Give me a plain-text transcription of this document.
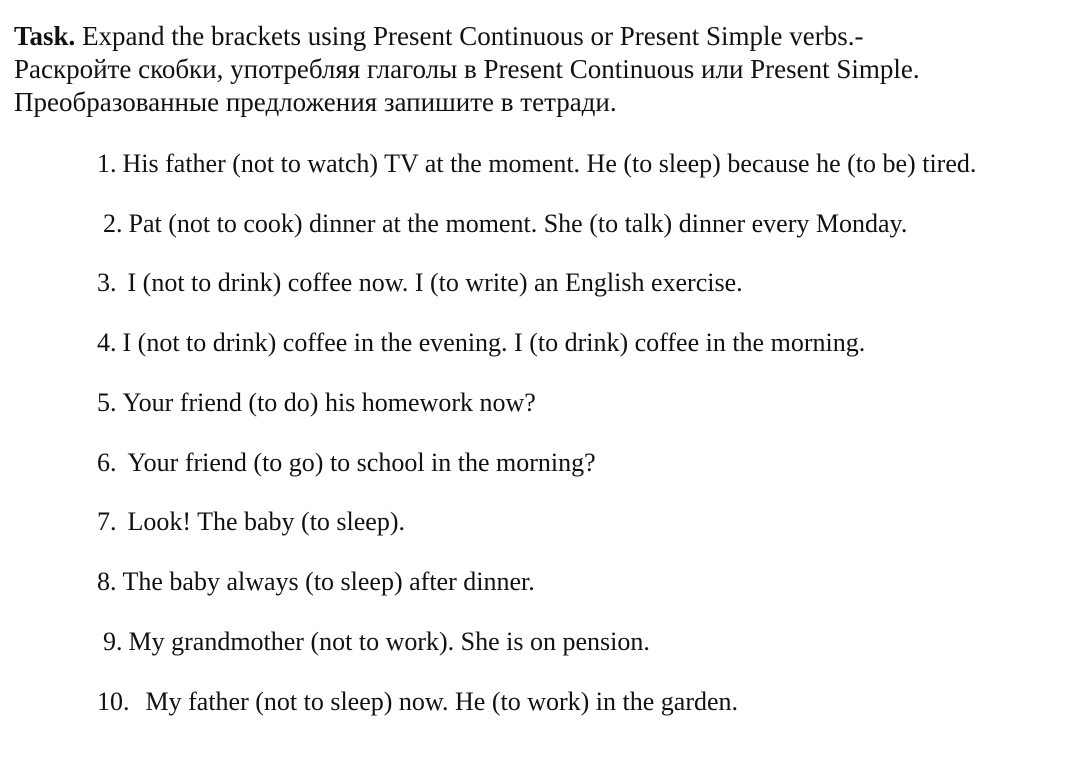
Task. Expand the brackets using Present Continuous or Present Simple verbs.-
Раскройте скобки, употребляя глаголы в Present Continuous или Present Simple.
Преобразованные предложения запишите в тетради.
1. His father (not to watch) TV at the moment. He (to sleep) because he (to be) tired.
2. Pat (not to cook) dinner at the moment. She (to talk) dinner every Monday.
3. I (not to drink) coffee now. I (to write) an English exercise.
4. I (not to drink) coffee in the evening. I (to drink) coffee in the morning.
5. Your friend (to do) his homework now?
6. Your friend (to go) to school in the morning?
7. Look! The baby (to sleep).
8. The baby always (to sleep) after dinner.
9. My grandmother (not to work). She is on pension.
10. My father (not to sleep) now. He (to work) in the garden.
